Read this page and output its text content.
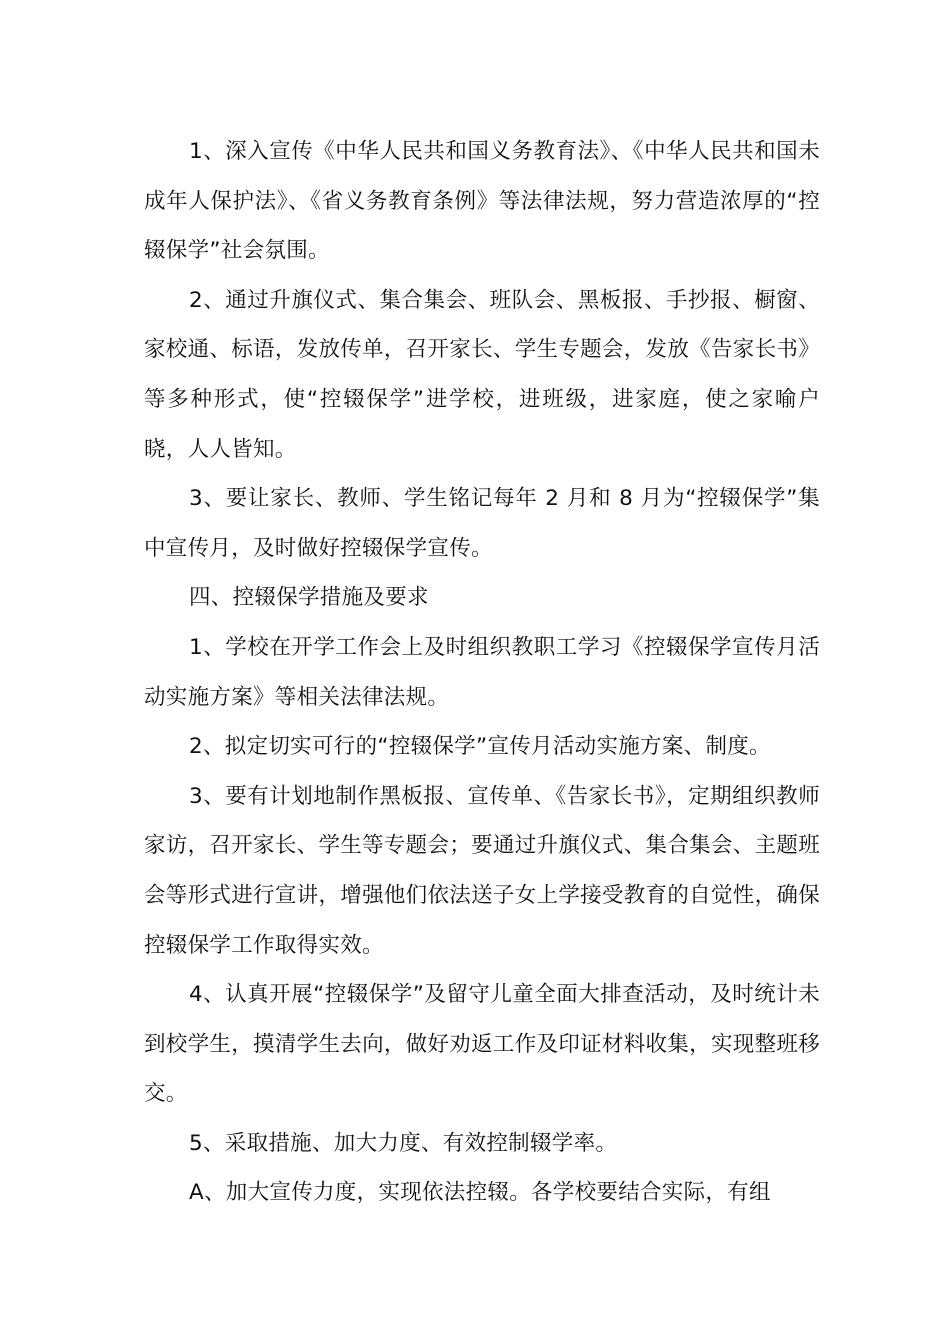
1、深入宣传《中华人民共和国义务教育法》、《中华人民共和国未成年人保护法》、《省义务教育条例》等法律法规，努力营造浓厚的“控辍保学”社会氛围。

2、通过升旗仪式、集合集会、班队会、黑板报、手抄报、橱窗、家校通、标语，发放传单，召开家长、学生专题会，发放《告家长书》等多种形式，使“控辍保学”进学校，进班级，进家庭，使之家喻户晓，人人皆知。

3、要让家长、教师、学生铭记每年 2 月和 8 月为“控辍保学”集中宣传月，及时做好控辍保学宣传。

四、控辍保学措施及要求

1、学校在开学工作会上及时组织教职工学习《控辍保学宣传月活动实施方案》等相关法律法规。

2、拟定切实可行的“控辍保学”宣传月活动实施方案、制度。

3、要有计划地制作黑板报、宣传单、《告家长书》，定期组织教师家访，召开家长、学生等专题会；要通过升旗仪式、集合集会、主题班会等形式进行宣讲，增强他们依法送子女上学接受教育的自觉性，确保控辍保学工作取得实效。

4、认真开展“控辍保学”及留守儿童全面大排查活动，及时统计未到校学生，摸清学生去向，做好劝返工作及印证材料收集，实现整班移交。

5、采取措施、加大力度、有效控制辍学率。

A、加大宣传力度，实现依法控辍。各学校要结合实际，有组
